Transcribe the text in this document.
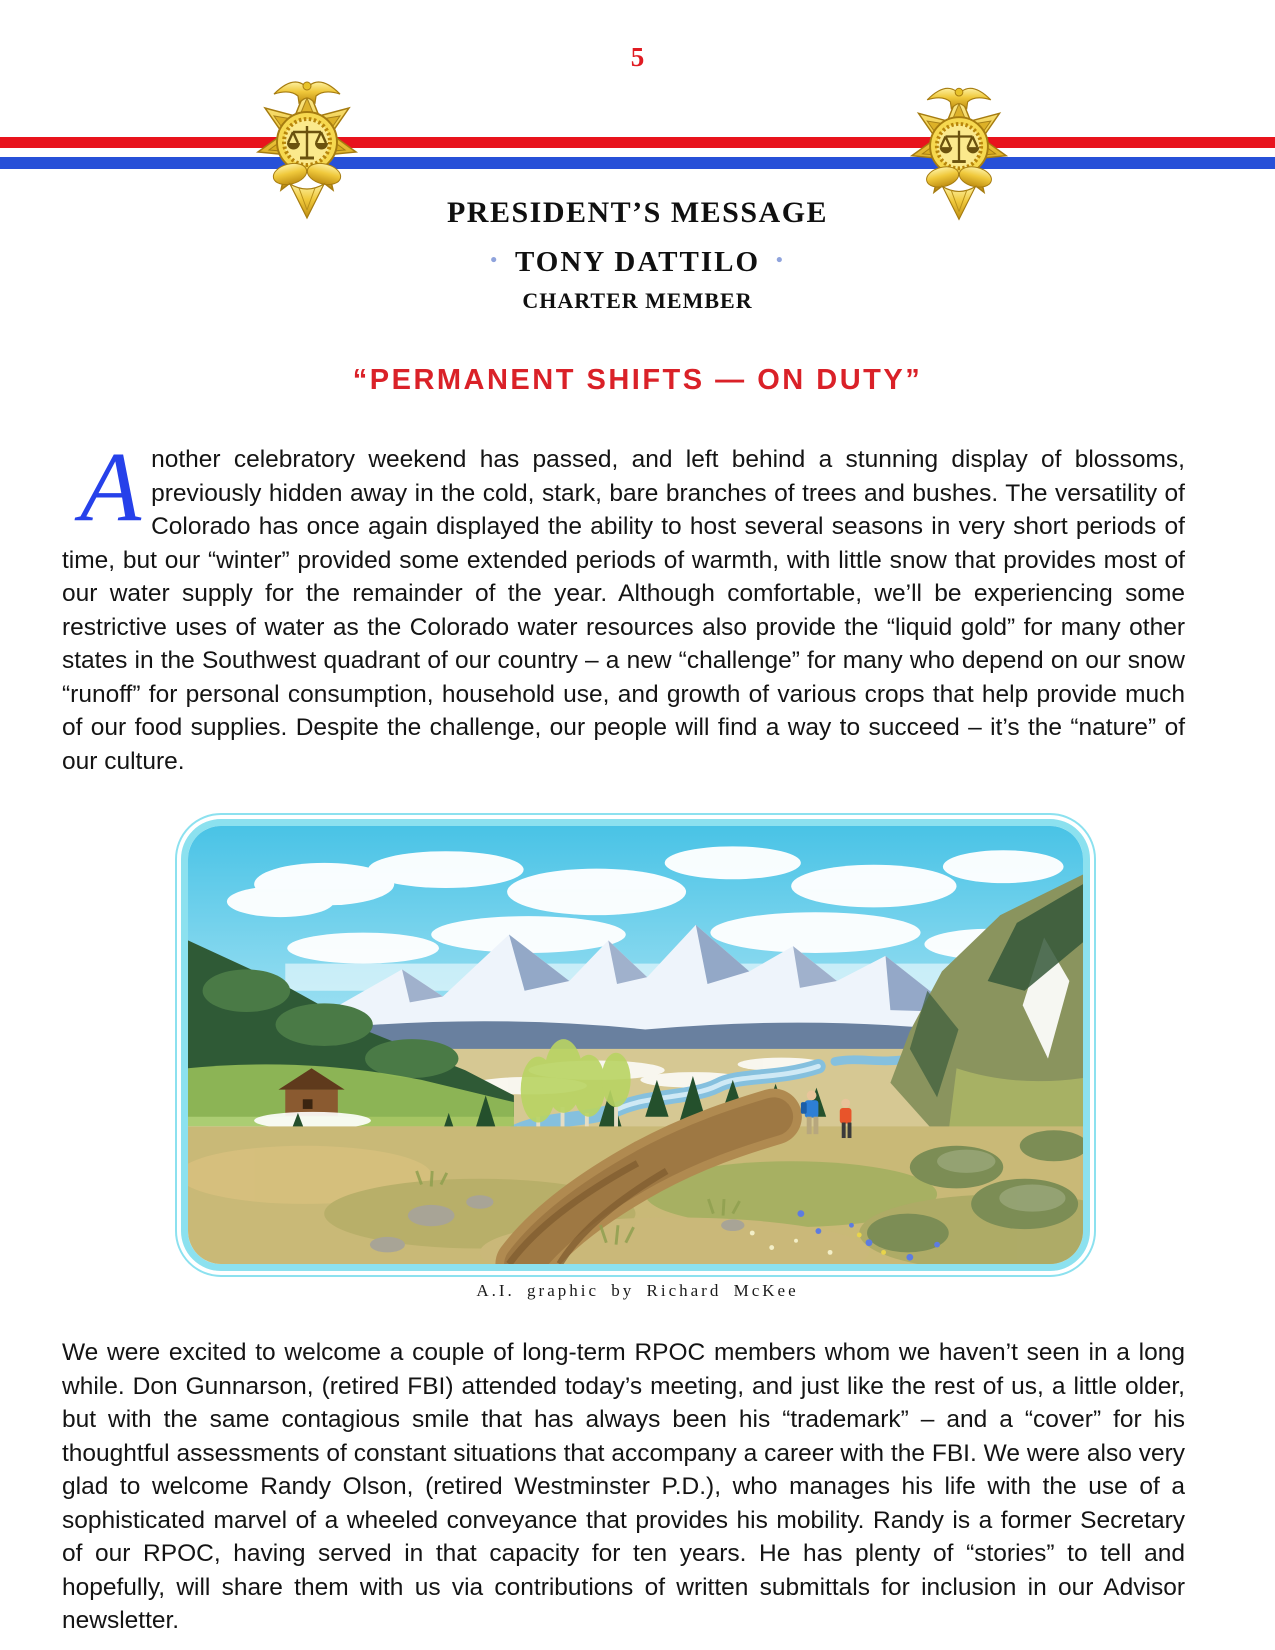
5
PRESIDENT’S MESSAGE
• TONY DATTILO •
CHARTER MEMBER
“PERMANENT SHIFTS — ON DUTY”
Another celebratory weekend has passed, and left behind a stunning display of blossoms, previously hidden away in the cold, stark, bare branches of trees and bushes. The versatility of Colorado has once again displayed the ability to host several seasons in very short periods of time, but our “winter” provided some extended periods of warmth, with little snow that provides most of our water supply for the remainder of the year. Although comfortable, we’ll be experiencing some restrictive uses of water as the Colorado water resources also provide the “liquid gold” for many other states in the Southwest quadrant of our country – a new “challenge” for many who depend on our snow “runoff” for personal consumption, household use, and growth of various crops that help provide much of our food supplies. Despite the challenge, our people will find a way to succeed – it’s the “nature” of our culture.
A.I. graphic by Richard McKee
We were excited to welcome a couple of long-term RPOC members whom we haven’t seen in a long while. Don Gunnarson, (retired FBI) attended today’s meeting, and just like the rest of us, a little older, but with the same contagious smile that has always been his “trademark” – and a “cover” for his thoughtful assessments of constant situations that accompany a career with the FBI. We were also very glad to welcome Randy Olson, (retired Westminster P.D.), who manages his life with the use of a sophisticated marvel of a wheeled conveyance that provides his mobility. Randy is a former Secretary of our RPOC, having served in that capacity for ten years. He has plenty of “stories” to tell and hopefully, will share them with us via contributions of written submittals for inclusion in our Advisor newsletter.
